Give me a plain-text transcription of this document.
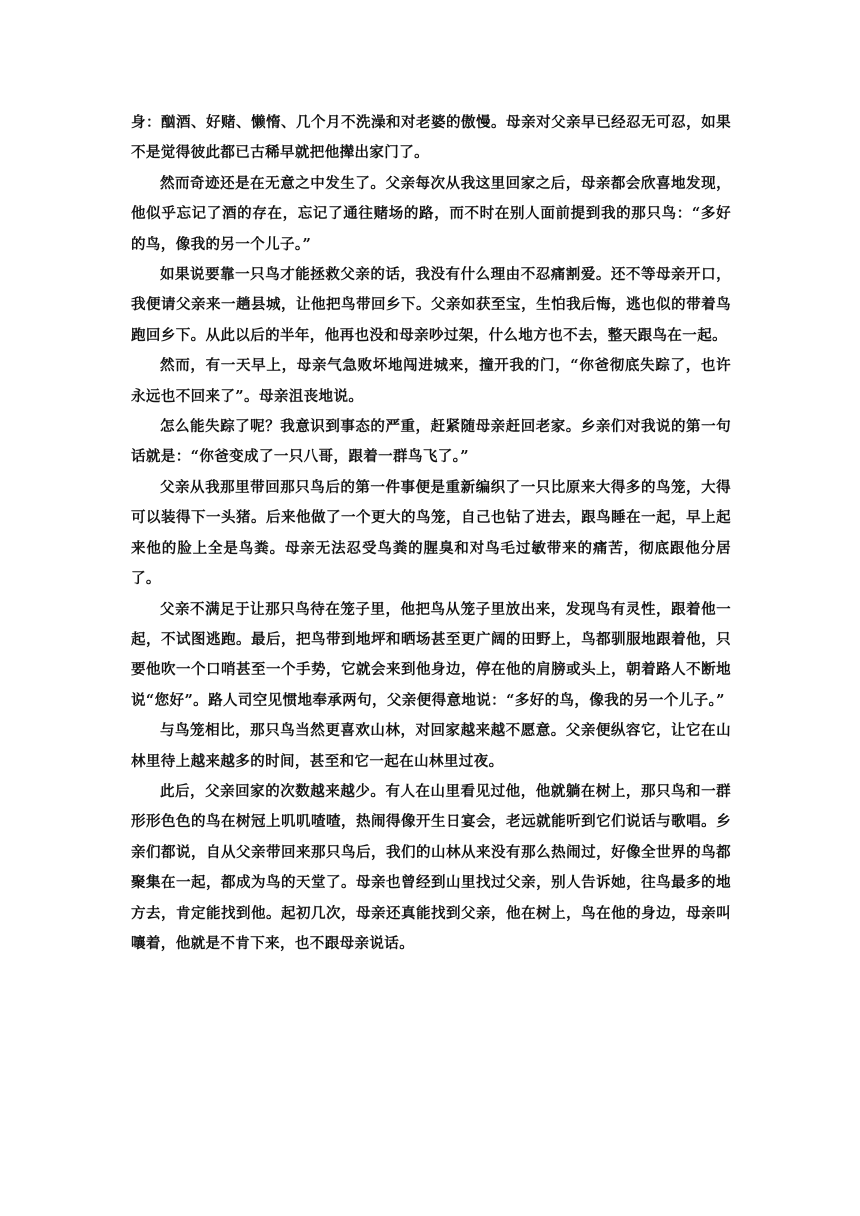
身：酗酒、好赌、懒惰、几个月不洗澡和对老婆的傲慢。母亲对父亲早已经忍无可忍，如果不是觉得彼此都已古稀早就把他撵出家门了。

然而奇迹还是在无意之中发生了。父亲每次从我这里回家之后，母亲都会欣喜地发现，他似乎忘记了酒的存在，忘记了通往赌场的路，而不时在别人面前提到我的那只鸟：“多好的鸟，像我的另一个儿子。”

如果说要靠一只鸟才能拯救父亲的话，我没有什么理由不忍痛割爱。还不等母亲开口，我便请父亲来一趟县城，让他把鸟带回乡下。父亲如获至宝，生怕我后悔，逃也似的带着鸟跑回乡下。从此以后的半年，他再也没和母亲吵过架，什么地方也不去，整天跟鸟在一起。

然而，有一天早上，母亲气急败坏地闯进城来，撞开我的门，“你爸彻底失踪了，也许永远也不回来了”。母亲沮丧地说。

怎么能失踪了呢？我意识到事态的严重，赶紧随母亲赶回老家。乡亲们对我说的第一句话就是：“你爸变成了一只八哥，跟着一群鸟飞了。”

父亲从我那里带回那只鸟后的第一件事便是重新编织了一只比原来大得多的鸟笼，大得可以装得下一头猪。后来他做了一个更大的鸟笼，自己也钻了进去，跟鸟睡在一起，早上起来他的脸上全是鸟粪。母亲无法忍受鸟粪的腥臭和对鸟毛过敏带来的痛苦，彻底跟他分居了。

父亲不满足于让那只鸟待在笼子里，他把鸟从笼子里放出来，发现鸟有灵性，跟着他一起，不试图逃跑。最后，把鸟带到地坪和晒场甚至更广阔的田野上，鸟都驯服地跟着他，只要他吹一个口哨甚至一个手势，它就会来到他身边，停在他的肩膀或头上，朝着路人不断地说“您好”。路人司空见惯地奉承两句，父亲便得意地说：“多好的鸟，像我的另一个儿子。”

与鸟笼相比，那只鸟当然更喜欢山林，对回家越来越不愿意。父亲便纵容它，让它在山林里待上越来越多的时间，甚至和它一起在山林里过夜。

此后，父亲回家的次数越来越少。有人在山里看见过他，他就躺在树上，那只鸟和一群形形色色的鸟在树冠上叽叽喳喳，热闹得像开生日宴会，老远就能听到它们说话与歌唱。乡亲们都说，自从父亲带回来那只鸟后，我们的山林从来没有那么热闹过，好像全世界的鸟都聚集在一起，都成为鸟的天堂了。母亲也曾经到山里找过父亲，别人告诉她，往鸟最多的地方去，肯定能找到他。起初几次，母亲还真能找到父亲，他在树上，鸟在他的身边，母亲叫嚷着，他就是不肯下来，也不跟母亲说话。
